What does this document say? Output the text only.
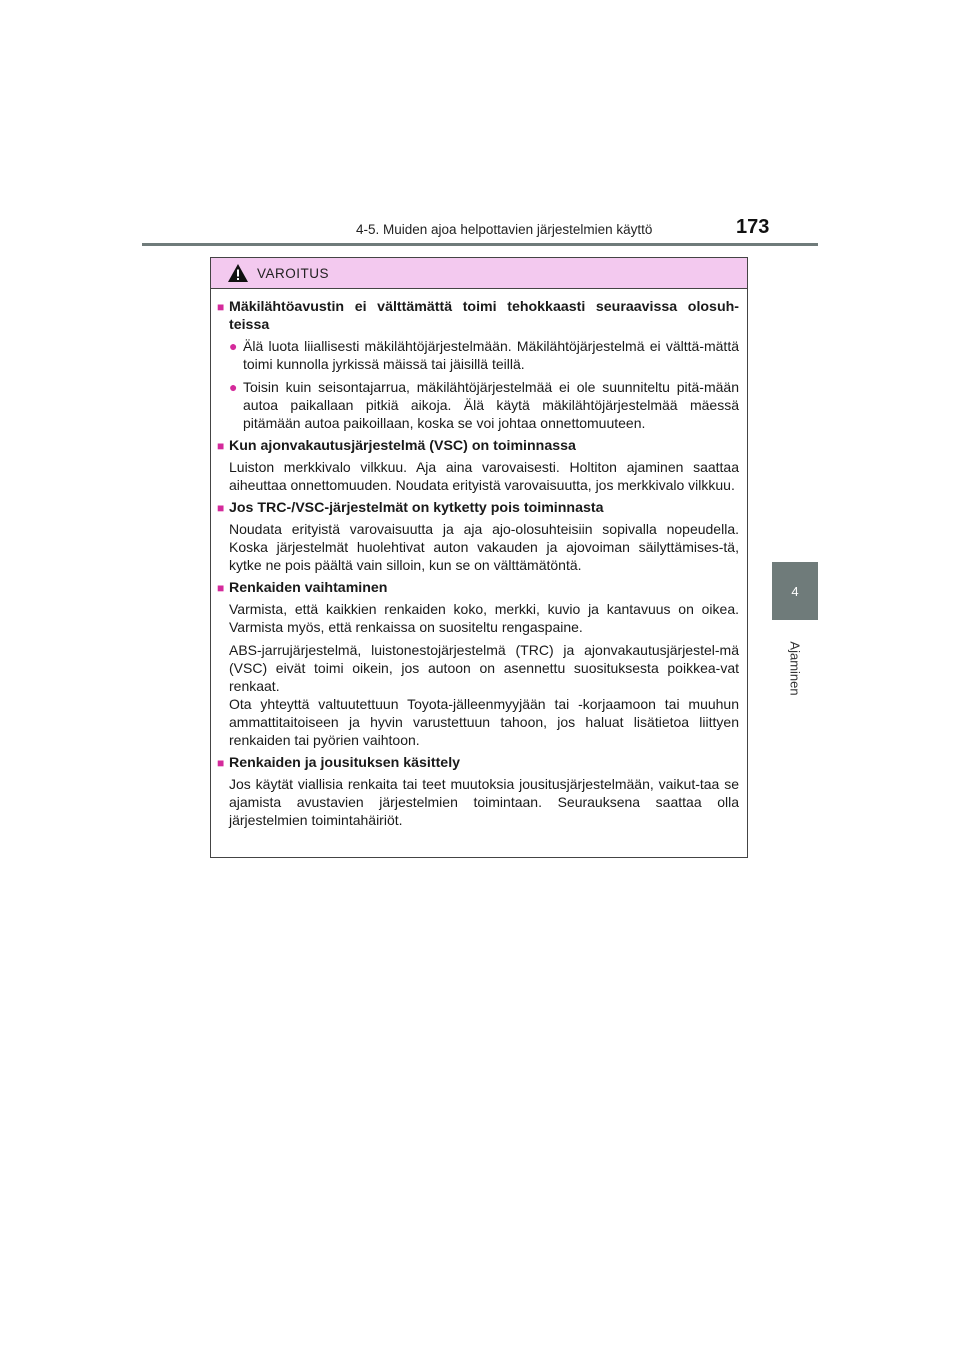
4-5. Muiden ajoa helpottavien järjestelmien käyttö	173
4
Ajaminen
VAROITUS
■ Mäkilähtöavustin ei välttämättä toimi tehokkaasti seuraavissa olosuh-teissa
● Älä luota liiallisesti mäkilähtöjärjestelmään. Mäkilähtöjärjestelmä ei välttä-mättä toimi kunnolla jyrkissä mäissä tai jäisillä teillä.
● Toisin kuin seisontajarrua, mäkilähtöjärjestelmää ei ole suunniteltu pitä-mään autoa paikallaan pitkiä aikoja. Älä käytä mäkilähtöjärjestelmää mäessä pitämään autoa paikoillaan, koska se voi johtaa onnettomuuteen.
■ Kun ajonvakautusjärjestelmä (VSC) on toiminnassa
Luiston merkkivalo vilkkuu. Aja aina varovaisesti. Holtiton ajaminen saattaa aiheuttaa onnettomuuden. Noudata erityistä varovaisuutta, jos merkkivalo vilkkuu.
■ Jos TRC-/VSC-järjestelmät on kytketty pois toiminnasta
Noudata erityistä varovaisuutta ja aja ajo-olosuhteisiin sopivalla nopeudella. Koska järjestelmät huolehtivat auton vakauden ja ajovoiman säilyttämises-tä, kytke ne pois päältä vain silloin, kun se on välttämätöntä.
■ Renkaiden vaihtaminen
Varmista, että kaikkien renkaiden koko, merkki, kuvio ja kantavuus on oikea. Varmista myös, että renkaissa on suositeltu rengaspaine.
ABS-jarrujärjestelmä, luistonestojärjestelmä (TRC) ja ajonvakautusjärjestel-mä (VSC) eivät toimi oikein, jos autoon on asennettu suosituksesta poikkea-vat renkaat.
Ota yhteyttä valtuutettuun Toyota-jälleenmyyjään tai -korjaamoon tai muuhun ammattitaitoiseen ja hyvin varustettuun tahoon, jos haluat lisätietoa liittyen renkaiden tai pyörien vaihtoon.
■ Renkaiden ja jousituksen käsittely
Jos käytät viallisia renkaita tai teet muutoksia jousitusjärjestelmään, vaikut-taa se ajamista avustavien järjestelmien toimintaan. Seurauksena saattaa olla järjestelmien toimintahäiriöt.
